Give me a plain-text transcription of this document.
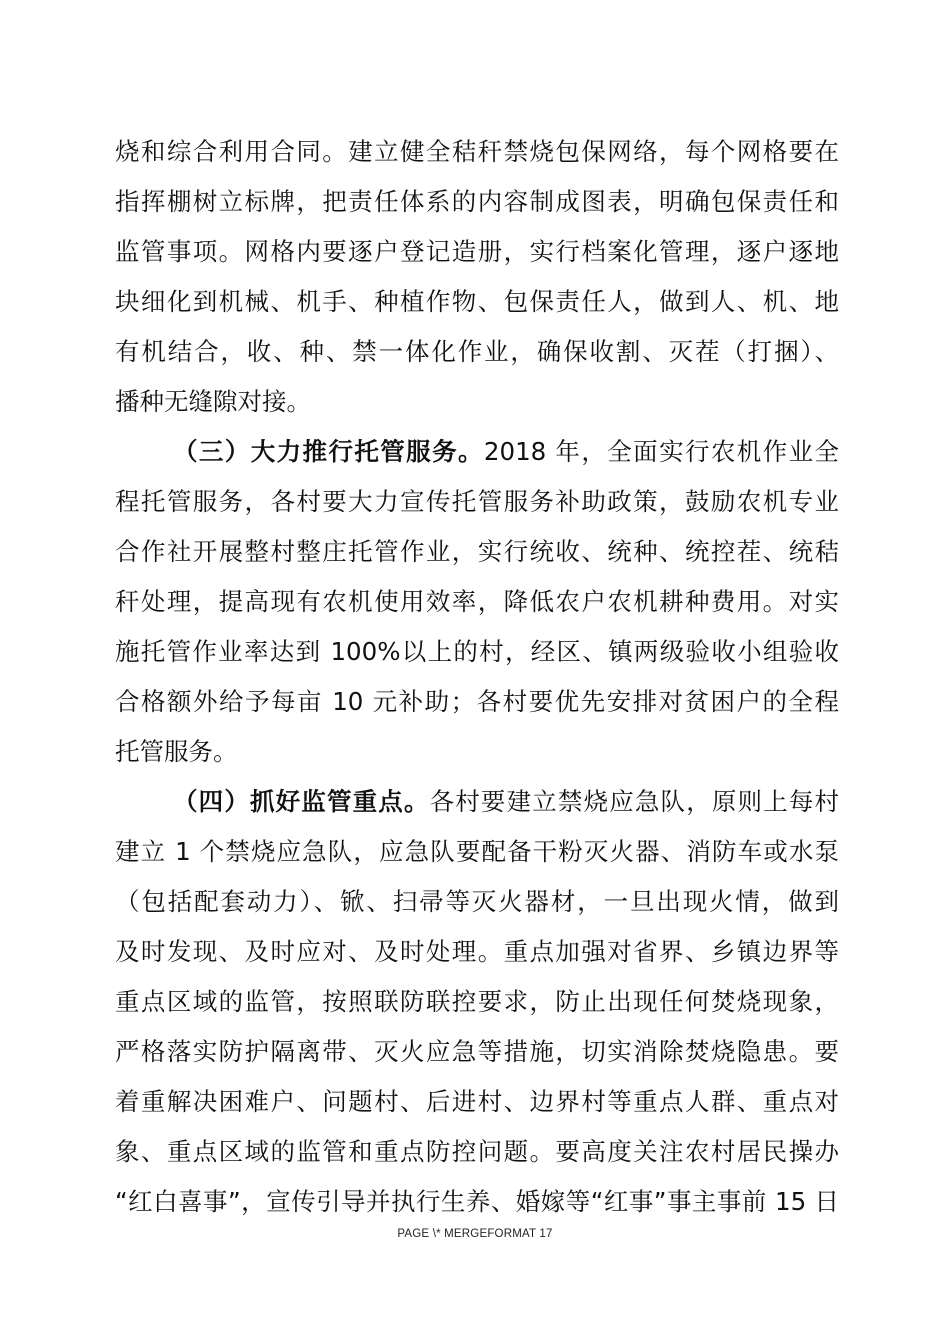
烧和综合利用合同。建立健全秸秆禁烧包保网络，每个网格要在
指挥棚树立标牌，把责任体系的内容制成图表，明确包保责任和
监管事项。网格内要逐户登记造册，实行档案化管理，逐户逐地
块细化到机械、机手、种植作物、包保责任人，做到人、机、地
有机结合，收、种、禁一体化作业，确保收割、灭茬（打捆）、
播种无缝隙对接。
（三）大力推行托管服务。2018 年，全面实行农机作业全
程托管服务，各村要大力宣传托管服务补助政策，鼓励农机专业
合作社开展整村整庄托管作业，实行统收、统种、统控茬、统秸
秆处理，提高现有农机使用效率，降低农户农机耕种费用。对实
施托管作业率达到 100%以上的村，经区、镇两级验收小组验收
合格额外给予每亩 10 元补助；各村要优先安排对贫困户的全程
托管服务。
（四）抓好监管重点。各村要建立禁烧应急队，原则上每村
建立 1 个禁烧应急队，应急队要配备干粉灭火器、消防车或水泵
（包括配套动力）、锨、扫帚等灭火器材，一旦出现火情，做到
及时发现、及时应对、及时处理。重点加强对省界、乡镇边界等
重点区域的监管，按照联防联控要求，防止出现任何焚烧现象，
严格落实防护隔离带、灭火应急等措施，切实消除焚烧隐患。要
着重解决困难户、问题村、后进村、边界村等重点人群、重点对
象、重点区域的监管和重点防控问题。要高度关注农村居民操办
“红白喜事”，宣传引导并执行生养、婚嫁等“红事”事主事前 15 日
PAGE \* MERGEFORMAT 17
